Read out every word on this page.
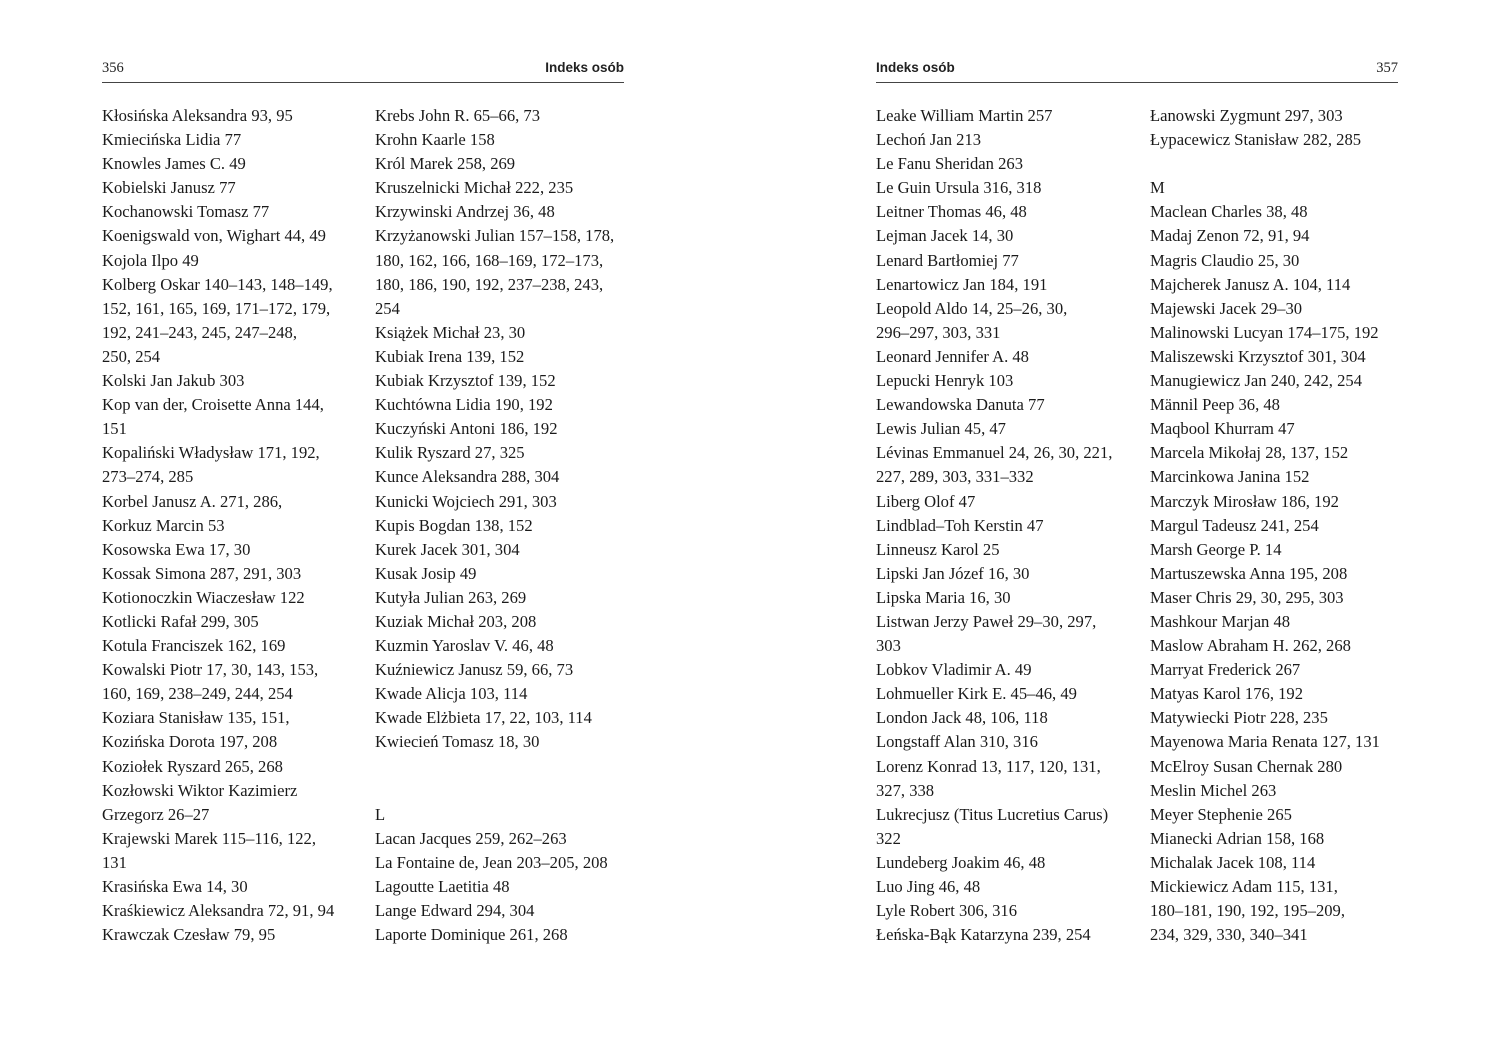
356	Indeks osób

Kłosińska Aleksandra 93, 95

Kmiecińska Lidia 77

Knowles James C. 49

Kobielski Janusz 77

Kochanowski Tomasz 77

Koenigswald von, Wighart 44, 49

Kojola Ilpo 49

Kolberg Oskar 140–143, 148–149,
152, 161, 165, 169, 171–172, 179,
192, 241–243, 245, 247–248,
250, 254

Kolski Jan Jakub 303

Kop van der, Croisette Anna 144,
151

Kopaliński Władysław 171, 192,
273–274, 285

Korbel Janusz A. 271, 286,

Korkuz Marcin 53

Kosowska Ewa 17, 30

Kossak Simona 287, 291, 303

Kotionoczkin Wiaczesław 122

Kotlicki Rafał 299, 305

Kotula Franciszek 162, 169

Kowalski Piotr 17, 30, 143, 153,
160, 169, 238–249, 244, 254

Koziara Stanisław 135, 151,

Kozińska Dorota 197, 208

Koziołek Ryszard 265, 268

Kozłowski Wiktor Kazimierz
Grzegorz 26–27

Krajewski Marek 115–116, 122,
131

Krasińska Ewa 14, 30

Kraśkiewicz Aleksandra 72, 91, 94

Krawczak Czesław 79, 95

Krebs John R. 65–66, 73

Krohn Kaarle 158

Król Marek 258, 269

Kruszelnicki Michał 222, 235

Krzywinski Andrzej 36, 48

Krzyżanowski Julian 157–158, 178,
180, 162, 166, 168–169, 172–173,
180, 186, 190, 192, 237–238, 243,
254

Książek Michał 23, 30

Kubiak Irena 139, 152

Kubiak Krzysztof 139, 152

Kuchtówna Lidia 190, 192

Kuczyński Antoni 186, 192

Kulik Ryszard 27, 325

Kunce Aleksandra 288, 304

Kunicki Wojciech 291, 303

Kupis Bogdan 138, 152

Kurek Jacek 301, 304

Kusak Josip 49

Kutyła Julian 263, 269

Kuziak Michał 203, 208

Kuzmin Yaroslav V. 46, 48

Kuźniewicz Janusz 59, 66, 73

Kwade Alicja 103, 114

Kwade Elżbieta 17, 22, 103, 114

Kwiecień Tomasz 18, 30

L

Lacan Jacques 259, 262–263

La Fontaine de, Jean 203–205, 208

Lagoutte Laetitia 48

Lange Edward 294, 304

Laporte Dominique 261, 268

Indeks osób	357

Leake William Martin 257

Lechoń Jan 213

Le Fanu Sheridan 263

Le Guin Ursula 316, 318

Leitner Thomas 46, 48

Lejman Jacek 14, 30

Lenard Bartłomiej 77

Lenartowicz Jan 184, 191

Leopold Aldo 14, 25–26, 30,
296–297, 303, 331

Leonard Jennifer A. 48

Lepucki Henryk 103

Lewandowska Danuta 77

Lewis Julian 45, 47

Lévinas Emmanuel 24, 26, 30, 221,
227, 289, 303, 331–332

Liberg Olof 47

Lindblad–Toh Kerstin 47

Linneusz Karol 25

Lipski Jan Józef 16, 30

Lipska Maria 16, 30

Listwan Jerzy Paweł 29–30, 297,
303

Lobkov Vladimir A. 49

Lohmueller Kirk E. 45–46, 49

London Jack 48, 106, 118

Longstaff Alan 310, 316

Lorenz Konrad 13, 117, 120, 131,
327, 338

Lukrecjusz (Titus Lucretius Carus)
322

Lundeberg Joakim 46, 48

Luo Jing 46, 48

Lyle Robert 306, 316

Łeńska-Bąk Katarzyna 239, 254

Łanowski Zygmunt 297, 303

Łypacewicz Stanisław 282, 285

M

Maclean Charles 38, 48

Madaj Zenon 72, 91, 94

Magris Claudio 25, 30

Majcherek Janusz A. 104, 114

Majewski Jacek 29–30

Malinowski Lucyan 174–175, 192

Maliszewski Krzysztof 301, 304

Manugiewicz Jan 240, 242, 254

Männil Peep 36, 48

Maqbool Khurram 47

Marcela Mikołaj 28, 137, 152

Marcinkowa Janina 152

Marczyk Mirosław 186, 192

Margul Tadeusz 241, 254

Marsh George P. 14

Martuszewska Anna 195, 208

Maser Chris 29, 30, 295, 303

Mashkour Marjan 48

Maslow Abraham H. 262, 268

Marryat Frederick 267

Matyas Karol 176, 192

Matywiecki Piotr 228, 235

Mayenowa Maria Renata 127, 131

McElroy Susan Chernak 280

Meslin Michel 263

Meyer Stephenie 265

Mianecki Adrian 158, 168

Michalak Jacek 108, 114

Mickiewicz Adam 115, 131,
180–181, 190, 192, 195–209,
234, 329, 330, 340–341
